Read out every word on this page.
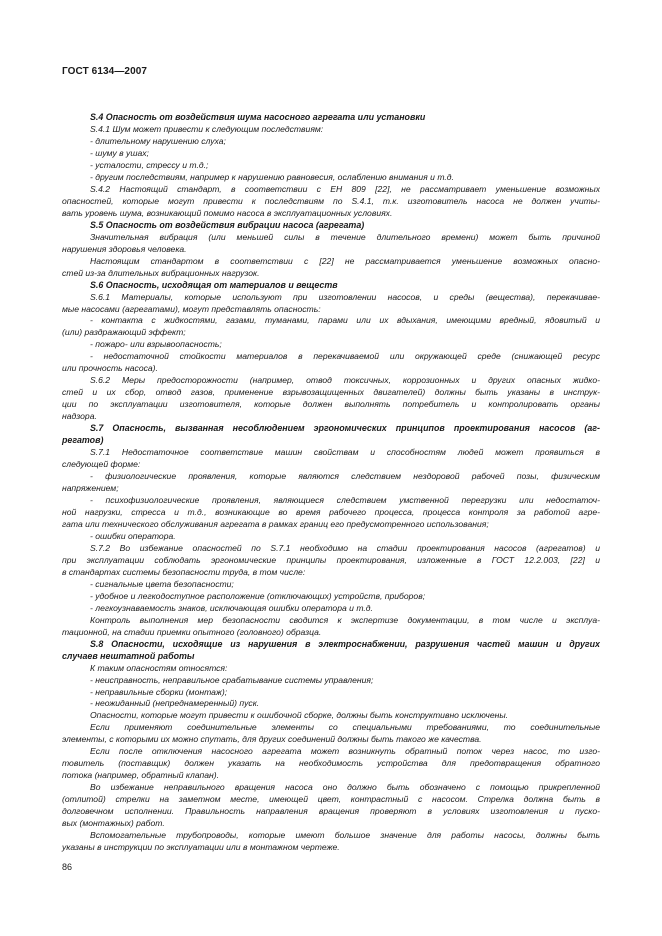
ГОСТ 6134—2007
S.4 Опасность от воздействия шума насосного агрегата или установки
S.4.1 Шум может привести к следующим последствиям:
- длительному нарушению слуха;
- шуму в ушах;
- усталости, стрессу и т.д.;
- другим последствиям, например к нарушению равновесия, ослаблению внимания и т.д.
S.4.2 Настоящий стандарт, в соответствии с ЕН 809 [22], не рассматривает уменьшение возможных
опасностей, которые могут привести к последствиям по S.4.1, т.к. изготовитель насоса не должен учиты-
вать уровень шума, возникающий помимо насоса в эксплуатационных условиях.
S.5 Опасность от воздействия вибрации насоса (агрегата)
Значительная вибрация (или меньшей силы в течение длительного времени) может быть причиной
нарушения здоровья человека.
Настоящим стандартом в соответствии с [22] не рассматривается уменьшение возможных опасно-
стей из-за длительных вибрационных нагрузок.
S.6 Опасность, исходящая от материалов и веществ
S.6.1 Материалы, которые используют при изготовлении насосов, и среды (вещества), перекачивае-
мые насосами (агрегатами), могут представлять опасность:
- контакта с жидкостями, газами, туманами, парами или их вдыхания, имеющими вредный, ядовитый и
(или) раздражающий эффект;
- пожаро- или взрывоопасность;
- недостаточной стойкости материалов в перекачиваемой или окружающей среде (снижающей ресурс
или прочность насоса).
S.6.2 Меры предосторожности (например, отвод токсичных, коррозионных и других опасных жидко-
стей и их сбор, отвод газов, применение взрывозащищенных двигателей) должны быть указаны в инструк-
ции по эксплуатации изготовителя, которые должен выполнять потребитель и контролировать органы
надзора.
S.7 Опасность, вызванная несоблюдением эргономических принципов проектирования насосов (аг-
регатов)
S.7.1 Недостаточное соответствие машин свойствам и способностям людей может проявиться в
следующей форме:
- физиологические проявления, которые являются следствием нездоровой рабочей позы, физическим
напряжением;
- психофизиологические проявления, являющиеся следствием умственной перегрузки или недостаточ-
ной нагрузки, стресса и т.д., возникающие во время рабочего процесса, процесса контроля за работой агре-
гата или технического обслуживания агрегата в рамках границ его предусмотренного использования;
- ошибки оператора.
S.7.2 Во избежание опасностей по S.7.1 необходимо на стадии проектирования насосов (агрегатов) и
при эксплуатации соблюдать эргономические принципы проектирования, изложенные в ГОСТ 12.2.003, [22] и
в стандартах системы безопасности труда, в том числе:
- сигнальные цвета безопасности;
- удобное и легкодоступное расположение (отключающих) устройств, приборов;
- легкоузнаваемость знаков, исключающая ошибки оператора и т.д.
Контроль выполнения мер безопасности сводится к экспертизе документации, в том числе и эксплуа-
тационной, на стадии приемки опытного (головного) образца.
S.8 Опасности, исходящие из нарушения в электроснабжении, разрушения частей машин и других
случаев нештатной работы
К таким опасностям относятся:
- неисправность, неправильное срабатывание системы управления;
- неправильные сборки (монтаж);
- неожиданный (непреднамеренный) пуск.
Опасности, которые могут привести к ошибочной сборке, должны быть конструктивно исключены.
Если применяют соединительные элементы со специальными требованиями, то соединительные
элементы, с которыми их можно спутать, для других соединений должны быть такого же качества.
Если после отключения насосного агрегата может возникнуть обратный поток через насос, то изго-
товитель (поставщик) должен указать на необходимость устройства для предотвращения обратного
потока (например, обратный клапан).
Во избежание неправильного вращения насоса оно должно быть обозначено с помощью прикрепленной
(отлитой) стрелки на заметном месте, имеющей цвет, контрастный с насосом. Стрелка должна быть в
долговечном исполнении. Правильность направления вращения проверяют в условиях изготовления и пуско-
вых (монтажных) работ.
Вспомогательные трубопроводы, которые имеют большое значение для работы насосы, должны быть
указаны в инструкции по эксплуатации или в монтажном чертеже.
86
